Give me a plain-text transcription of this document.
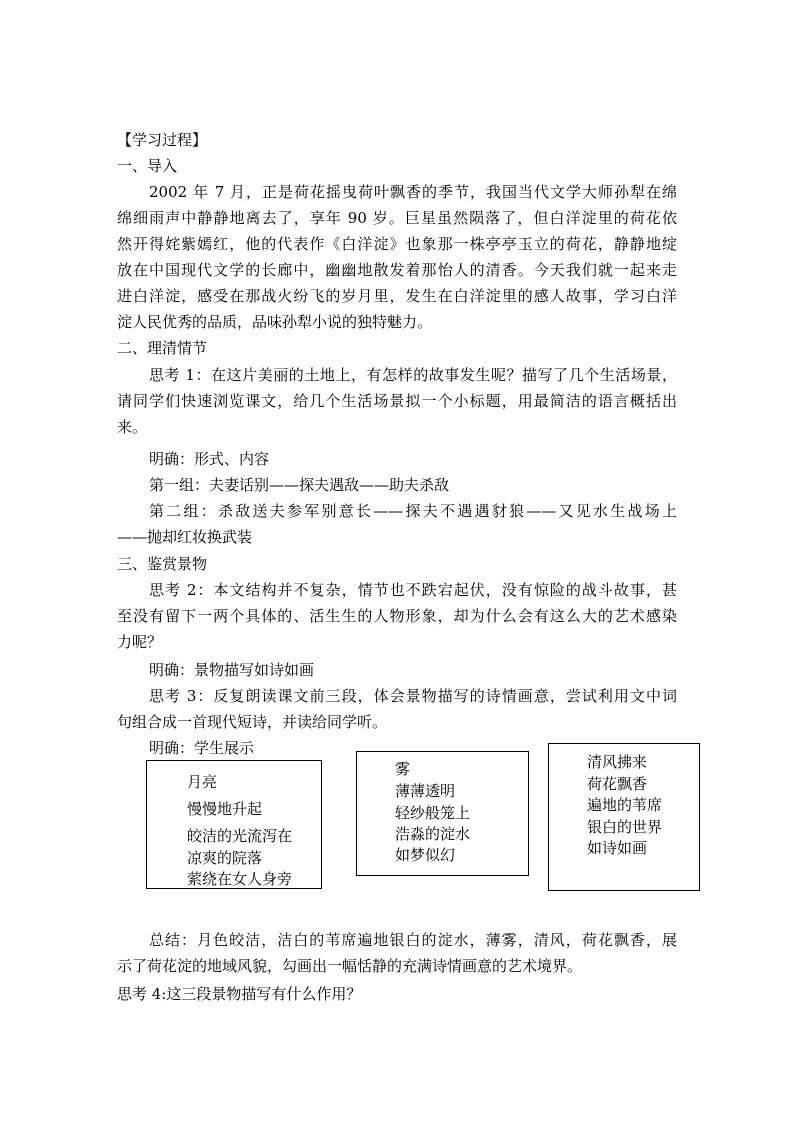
【学习过程】
一、导入
2002 年 7 月，正是荷花摇曳荷叶飘香的季节，我国当代文学大师孙犁在绵
绵细雨声中静静地离去了，享年 90 岁。巨星虽然陨落了，但白洋淀里的荷花依
然开得姹紫嫣红，他的代表作《白洋淀》也象那一株亭亭玉立的荷花，静静地绽
放在中国现代文学的长廊中，幽幽地散发着那怡人的清香。今天我们就一起来走
进白洋淀，感受在那战火纷飞的岁月里，发生在白洋淀里的感人故事，学习白洋
淀人民优秀的品质，品味孙犁小说的独特魅力。
二、理清情节
思考 1：在这片美丽的土地上，有怎样的故事发生呢？描写了几个生活场景，
请同学们快速浏览课文，给几个生活场景拟一个小标题，用最简洁的语言概括出
来。
明确：形式、内容
第一组：夫妻话别——探夫遇敌——助夫杀敌
第二组：杀敌送夫参军别意长——探夫不遇遇豺狼——又见水生战场上
——抛却红妆换武装
三、鉴赏景物
思考 2：本文结构并不复杂，情节也不跌宕起伏，没有惊险的战斗故事，甚
至没有留下一两个具体的、活生生的人物形象，却为什么会有这么大的艺术感染
力呢？
明确：景物描写如诗如画
思考 3：反复朗读课文前三段，体会景物描写的诗情画意，尝试利用文中词
句组合成一首现代短诗，并读给同学听。
明确：学生展示
月亮
慢慢地升起
皎洁的光流泻在
凉爽的院落
萦绕在女人身旁
雾
薄薄透明
轻纱般笼上
浩淼的淀水
如梦似幻
清风拂来
荷花飘香
遍地的苇席
银白的世界
如诗如画
总结：月色皎洁，洁白的苇席遍地银白的淀水，薄雾，清风，荷花飘香，展
示了荷花淀的地域风貌，勾画出一幅恬静的充满诗情画意的艺术境界。
思考 4:这三段景物描写有什么作用？
